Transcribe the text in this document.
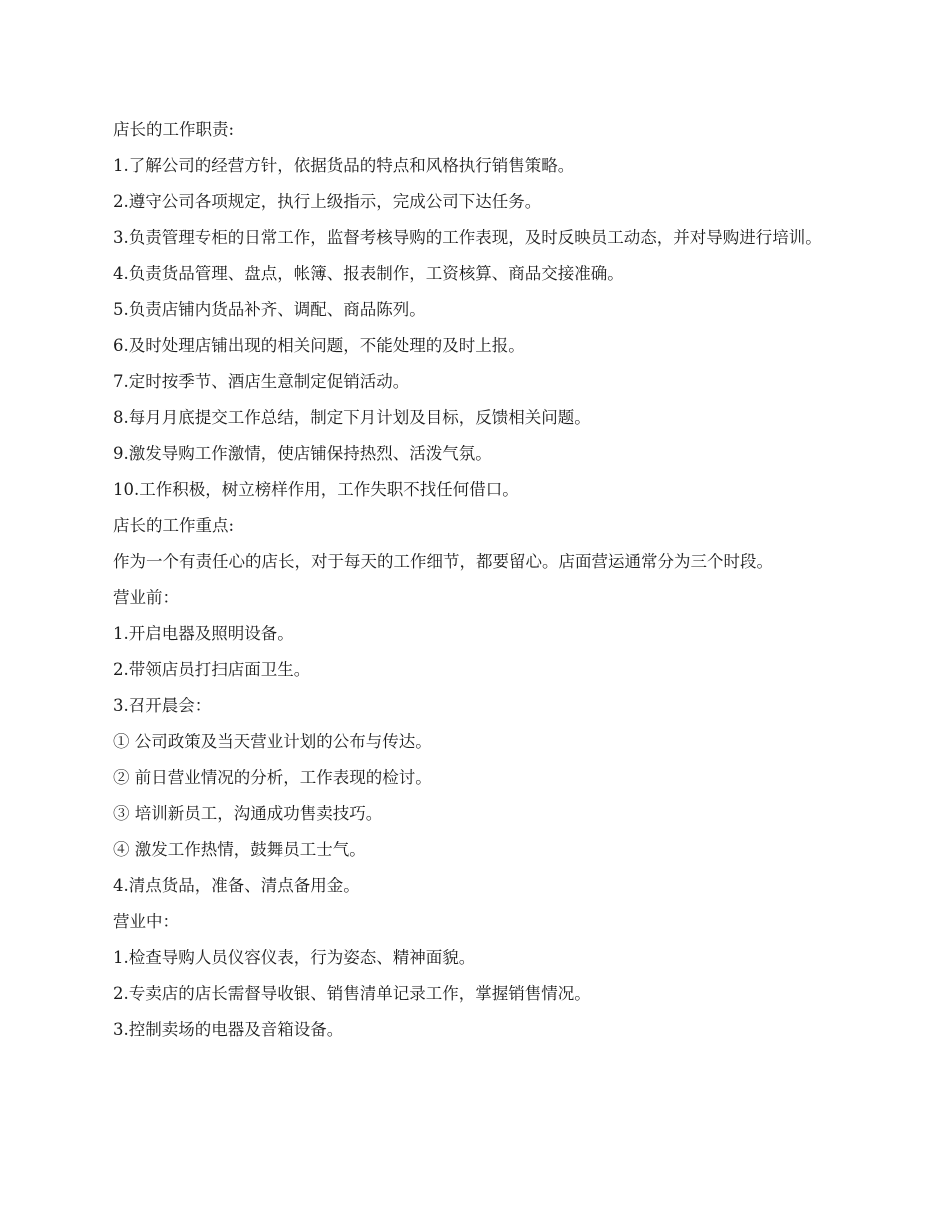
店长的工作职责:

1.了解公司的经营方针，依据货品的特点和风格执行销售策略。

2.遵守公司各项规定，执行上级指示，完成公司下达任务。

3.负责管理专柜的日常工作，监督考核导购的工作表现，及时反映员工动态，并对导购进行培训。

4.负责货品管理、盘点，帐簿、报表制作，工资核算、商品交接准确。

5.负责店铺内货品补齐、调配、商品陈列。

6.及时处理店铺出现的相关问题，不能处理的及时上报。

7.定时按季节、酒店生意制定促销活动。

8.每月月底提交工作总结，制定下月计划及目标，反馈相关问题。

9.激发导购工作激情，使店铺保持热烈、活泼气氛。

10.工作积极，树立榜样作用，工作失职不找任何借口。

店长的工作重点:

作为一个有责任心的店长，对于每天的工作细节，都要留心。店面营运通常分为三个时段。

营业前：

1.开启电器及照明设备。

2.带领店员打扫店面卫生。

3.召开晨会：

① 公司政策及当天营业计划的公布与传达。

② 前日营业情况的分析，工作表现的检讨。

③ 培训新员工，沟通成功售卖技巧。

④ 激发工作热情，鼓舞员工士气。

4.清点货品，准备、清点备用金。

营业中：

1.检查导购人员仪容仪表，行为姿态、精神面貌。

2.专卖店的店长需督导收银、销售清单记录工作，掌握销售情况。

3.控制卖场的电器及音箱设备。
